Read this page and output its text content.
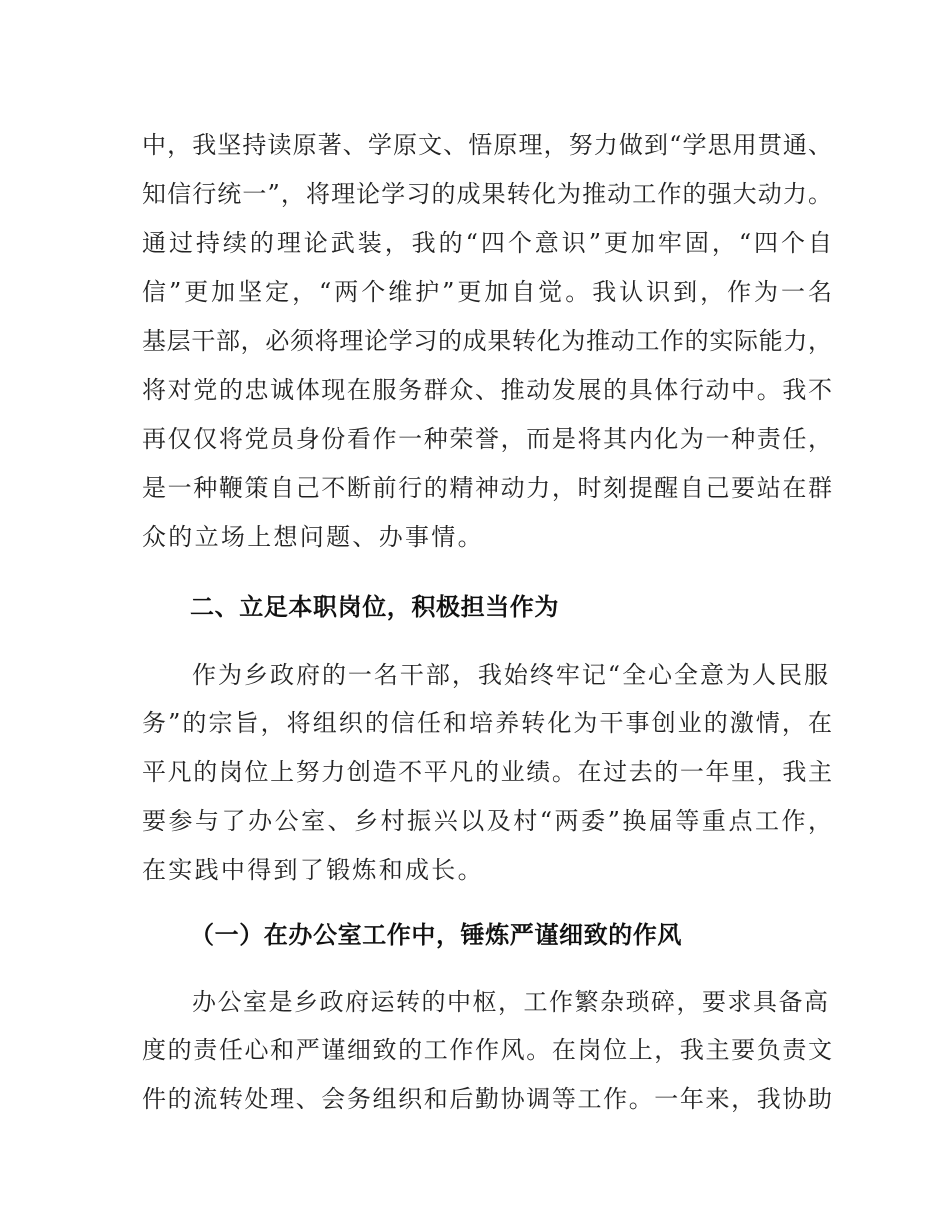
中，我坚持读原著、学原文、悟原理，努力做到“学思用贯通、
知信行统一”，将理论学习的成果转化为推动工作的强大动力。
通过持续的理论武装，我的“四个意识”更加牢固，“四个自
信”更加坚定，“两个维护”更加自觉。我认识到，作为一名
基层干部，必须将理论学习的成果转化为推动工作的实际能力，
将对党的忠诚体现在服务群众、推动发展的具体行动中。我不
再仅仅将党员身份看作一种荣誉，而是将其内化为一种责任，
是一种鞭策自己不断前行的精神动力，时刻提醒自己要站在群
众的立场上想问题、办事情。
二、立足本职岗位，积极担当作为
作为乡政府的一名干部，我始终牢记“全心全意为人民服
务”的宗旨，将组织的信任和培养转化为干事创业的激情，在
平凡的岗位上努力创造不平凡的业绩。在过去的一年里，我主
要参与了办公室、乡村振兴以及村“两委”换届等重点工作，
在实践中得到了锻炼和成长。
（一）在办公室工作中，锤炼严谨细致的作风
办公室是乡政府运转的中枢，工作繁杂琐碎，要求具备高
度的责任心和严谨细致的工作作风。在岗位上，我主要负责文
件的流转处理、会务组织和后勤协调等工作。一年来，我协助
